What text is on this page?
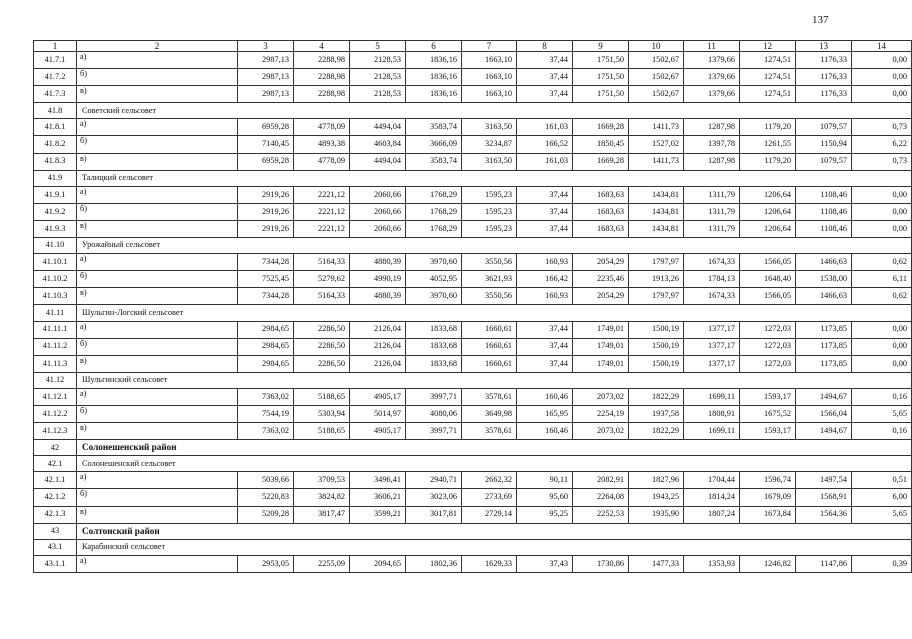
137
1	2	3	4	5	6	7	8	9	10	11	12	13	14
41.7.1	а)	2987,13	2288,98	2128,53	1836,16	1663,10	37,44	1751,50	1502,67	1379,66	1274,51	1176,33	0,00
41.7.2	б)	2987,13	2288,98	2128,53	1836,16	1663,10	37,44	1751,50	1502,67	1379,66	1274,51	1176,33	0,00
41.7.3	в)	2987,13	2288,98	2128,53	1836,16	1663,10	37,44	1751,50	1502,67	1379,66	1274,51	1176,33	0,00
41.8	Советский сельсовет												
41.8.1	а)	6959,28	4778,09	4494,04	3583,74	3163,50	161,03	1669,28	1411,73	1287,98	1179,20	1079,57	0,73
41.8.2	б)	7140,45	4893,38	4603,84	3666,09	3234,87	166,52	1850,45	1527,02	1397,78	1261,55	1150,94	6,22
41.8.3	в)	6959,28	4778,09	4494,04	3583,74	3163,50	161,03	1669,28	1411,73	1287,98	1179,20	1079,57	0,73
41.9	Талицкий сельсовет												
41.9.1	а)	2919,26	2221,12	2060,66	1768,29	1595,23	37,44	1683,63	1434,81	1311,79	1206,64	1108,46	0,00
41.9.2	б)	2919,26	2221,12	2060,66	1768,29	1595,23	37,44	1683,63	1434,81	1311,79	1206,64	1108,46	0,00
41.9.3	в)	2919,26	2221,12	2060,66	1768,29	1595,23	37,44	1683,63	1434,81	1311,79	1206,64	1108,46	0,00
41.10	Урожайный сельсовет												
41.10.1	а)	7344,28	5164,33	4880,39	3970,60	3550,56	160,93	2054,29	1797,97	1674,33	1566,05	1466,63	0,62
41.10.2	б)	7525,45	5279,62	4990,19	4052,95	3621,93	166,42	2235,46	1913,26	1784,13	1648,40	1538,00	6,11
41.10.3	в)	7344,28	5164,33	4880,39	3970,60	3550,56	160,93	2054,29	1797,97	1674,33	1566,05	1466,63	0,62
41.11	Шульгин-Логский сельсовет												
41.11.1	а)	2984,65	2286,50	2126,04	1833,68	1660,61	37,44	1749,01	1500,19	1377,17	1272,03	1173,85	0,00
41.11.2	б)	2984,65	2286,50	2126,04	1833,68	1660,61	37,44	1749,01	1500,19	1377,17	1272,03	1173,85	0,00
41.11.3	в)	2984,65	2286,50	2126,04	1833,68	1660,61	37,44	1749,01	1500,19	1377,17	1272,03	1173,85	0,00
41.12	Шульгинский сельсовет												
41.12.1	а)	7363,02	5188,65	4905,17	3997,71	3578,61	160,46	2073,02	1822,29	1699,11	1593,17	1494,67	0,16
41.12.2	б)	7544,19	5303,94	5014,97	4080,06	3649,98	165,95	2254,19	1937,58	1808,91	1675,52	1566,04	5,65
41.12.3	в)	7363,02	5188,65	4905,17	3997,71	3578,61	160,46	2073,02	1822,29	1699,11	1593,17	1494,67	0,16
42	Солонешенский район												
42.1	Солонешенский сельсовет												
42.1.1	а)	5039,66	3709,53	3496,41	2940,71	2662,32	90,11	2082,91	1827,96	1704,44	1596,74	1497,54	0,51
42.1.2	б)	5220,83	3824,82	3606,21	3023,06	2733,69	95,60	2264,08	1943,25	1814,24	1679,09	1568,91	6,00
42.1.3	в)	5209,28	3817,47	3599,21	3017,81	2729,14	95,25	2252,53	1935,90	1807,24	1673,84	1564,36	5,65
43	Солтонский район												
43.1	Карабинский сельсовет												
43.1.1	а)	2953,05	2255,09	2094,65	1802,36	1629,33	37,43	1730,86	1477,33	1353,93	1246,82	1147,86	0,39
